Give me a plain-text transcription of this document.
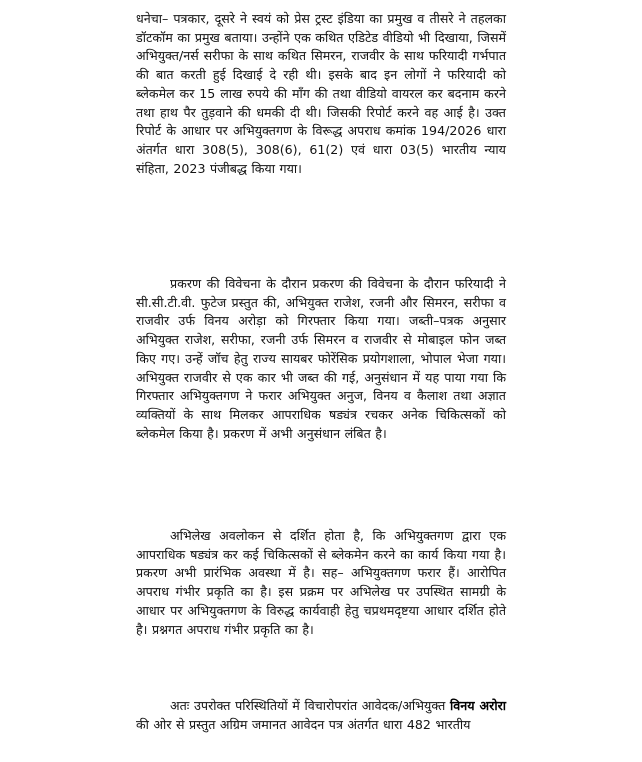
धनेचा– पत्रकार, दूसरे ने स्वयं को प्रेस ट्रस्ट इंडिया का प्रमुख व तीसरे ने तहलका डॉटकॉम का प्रमुख बताया। उन्होंने एक कथित एडिटेड वीडियो भी दिखाया, जिसमें अभियुक्त/नर्स सरीफा के साथ कथित सिमरन, राजवीर के साथ फरियादी गर्भपात की बात करती हुई दिखाई दे रही थी। इसके बाद इन लोगों ने फरियादी को ब्लेकमेल कर 15 लाख रुपये की माँग की तथा वीडियो वायरल कर बदनाम करने तथा हाथ पैर तुड़वाने की धमकी दी थी। जिसकी रिपोर्ट करने वह आई है। उक्त रिपोर्ट के आधार पर अभियुक्तगण के विरूद्ध अपराध कमांक 194/2026 धारा अंतर्गत धारा 308(5), 308(6), 61(2) एवं धारा 03(5) भारतीय न्याय संहिता, 2023 पंजीबद्ध किया गया।

प्रकरण की विवेचना के दौरान प्रकरण की विवेचना के दौरान फरियादी ने सी.सी.टी.वी. फुटेज प्रस्तुत की, अभियुक्त राजेश, रजनी और सिमरन, सरीफा व राजवीर उर्फ विनय अरोड़ा को गिरफ्तार किया गया। जब्ती–पत्रक अनुसार अभियुक्त राजेश, सरीफा, रजनी उर्फ सिमरन व राजवीर से मोबाइल फोन जब्त किए गए। उन्हें जॉच हेतु राज्य सायबर फोरेंसिक प्रयोगशाला, भोपाल भेजा गया। अभियुक्त राजवीर से एक कार भी जब्त की गई, अनुसंधान में यह पाया गया कि गिरफ्तार अभियुक्तगण ने फरार अभियुक्त अनुज, विनय व कैलाश तथा अज्ञात व्यक्तियों के साथ मिलकर आपराधिक षड्यंत्र रचकर अनेक चिकित्सकों को ब्लेकमेल किया है। प्रकरण में अभी अनुसंधान लंबित है।

अभिलेख अवलोकन से दर्शित होता है, कि अभियुक्तगण द्वारा एक आपराधिक षड्यंत्र कर कई चिकित्सकों से ब्लेकमेन करने का कार्य किया गया है। प्रकरण अभी प्रारंभिक अवस्था में है। सह– अभियुक्तगण फरार हैं। आरोपित अपराध गंभीर प्रकृति का है। इस प्रक्रम पर अभिलेख पर उपस्थित सामग्री के आधार पर अभियुक्तगण के विरुद्ध कार्यवाही हेतु चप्रथमदृष्टया आधार दर्शित होते है। प्रश्नगत अपराध गंभीर प्रकृति का है।

अतः उपरोक्त परिस्थितियों में विचारोपरांत आवेदक/अभियुक्त विनय अरोरा की ओर से प्रस्तुत अग्रिम जमानत आवेदन पत्र अंतर्गत धारा 482 भारतीय
